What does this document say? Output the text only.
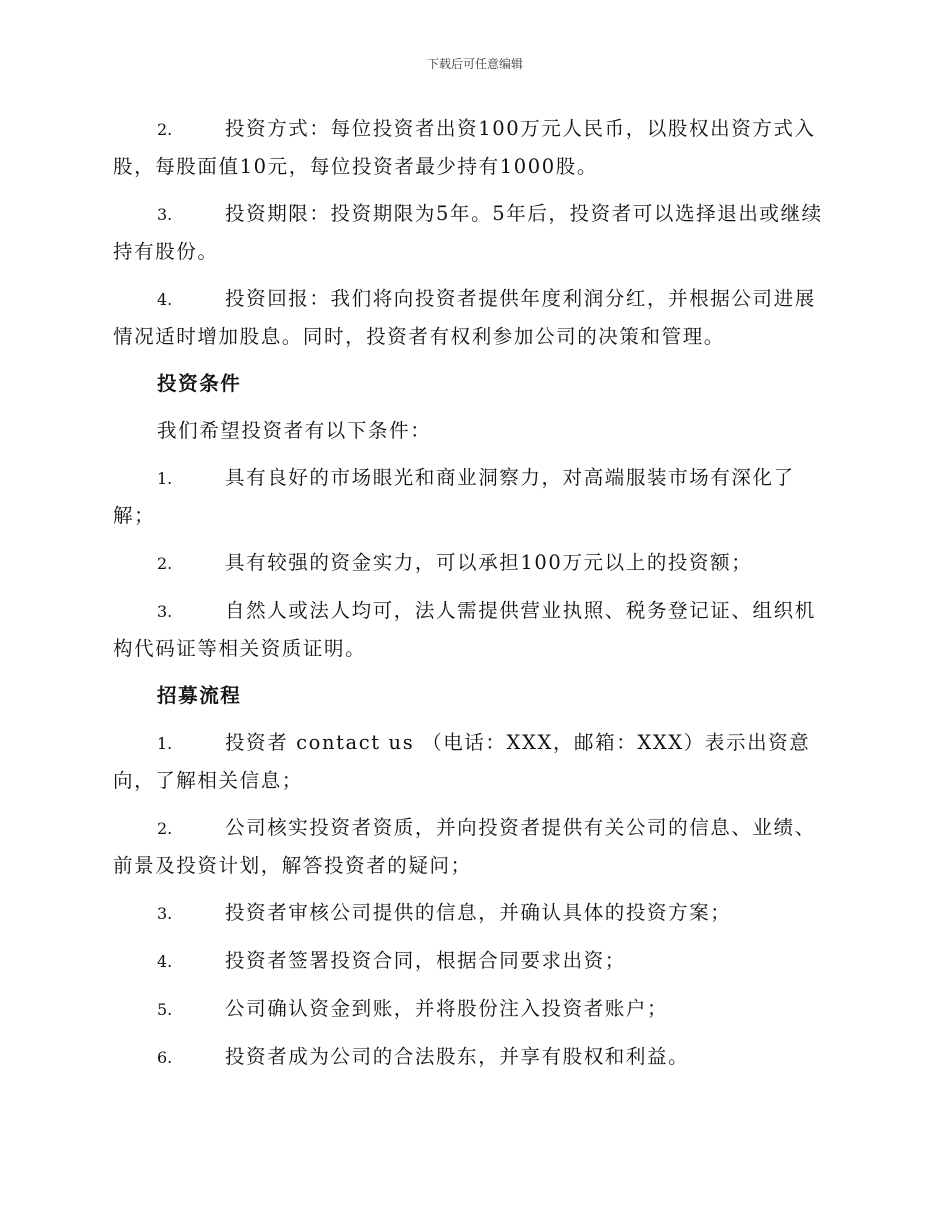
下载后可任意编辑

2.	投资方式：每位投资者出资100万元人民币，以股权出资方式入股，每股面值10元，每位投资者最少持有1000股。

3.	投资期限：投资期限为5年。5年后，投资者可以选择退出或继续持有股份。

4.	投资回报：我们将向投资者提供年度利润分红，并根据公司进展情况适时增加股息。同时，投资者有权利参加公司的决策和管理。

投资条件

我们希望投资者有以下条件：

1.	具有良好的市场眼光和商业洞察力，对高端服装市场有深化了解；

2.	具有较强的资金实力，可以承担100万元以上的投资额；

3.	自然人或法人均可，法人需提供营业执照、税务登记证、组织机构代码证等相关资质证明。

招募流程

1.	投资者 contact us （电话：XXX，邮箱：XXX）表示出资意向，了解相关信息；

2.	公司核实投资者资质，并向投资者提供有关公司的信息、业绩、前景及投资计划，解答投资者的疑问；

3.	投资者审核公司提供的信息，并确认具体的投资方案；

4.	投资者签署投资合同，根据合同要求出资；

5.	公司确认资金到账，并将股份注入投资者账户；

6.	投资者成为公司的合法股东，并享有股权和利益。
